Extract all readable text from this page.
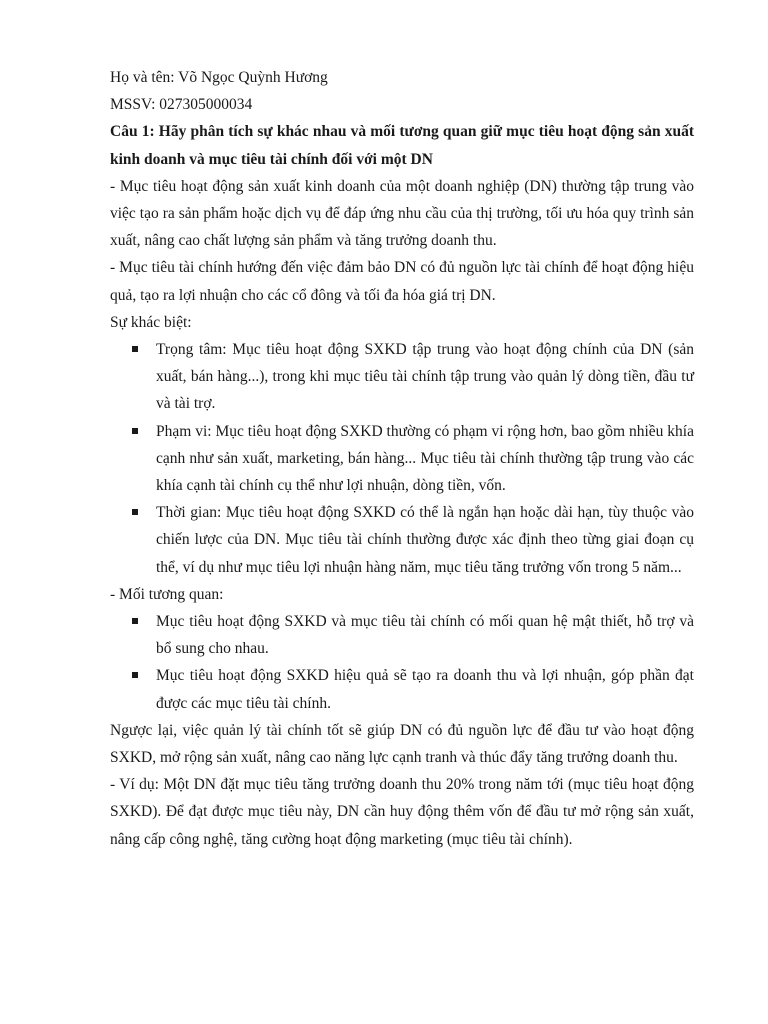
Họ và tên: Võ Ngọc Quỳnh Hương

MSSV: 027305000034

Câu 1: Hãy phân tích sự khác nhau và mối tương quan giữ mục tiêu hoạt động sản xuất kinh doanh và mục tiêu tài chính đối với một DN

- Mục tiêu hoạt động sản xuất kinh doanh của một doanh nghiệp (DN) thường tập trung vào việc tạo ra sản phẩm hoặc dịch vụ để đáp ứng nhu cầu của thị trường, tối ưu hóa quy trình sản xuất, nâng cao chất lượng sản phẩm và tăng trưởng doanh thu.

- Mục tiêu tài chính hướng đến việc đảm bảo DN có đủ nguồn lực tài chính để hoạt động hiệu quả, tạo ra lợi nhuận cho các cổ đông và tối đa hóa giá trị DN.

Sự khác biệt:

Trọng tâm: Mục tiêu hoạt động SXKD tập trung vào hoạt động chính của DN (sản xuất, bán hàng...), trong khi mục tiêu tài chính tập trung vào quản lý dòng tiền, đầu tư và tài trợ.
Phạm vi: Mục tiêu hoạt động SXKD thường có phạm vi rộng hơn, bao gồm nhiều khía cạnh như sản xuất, marketing, bán hàng... Mục tiêu tài chính thường tập trung vào các khía cạnh tài chính cụ thể như lợi nhuận, dòng tiền, vốn.
Thời gian: Mục tiêu hoạt động SXKD có thể là ngắn hạn hoặc dài hạn, tùy thuộc vào chiến lược của DN. Mục tiêu tài chính thường được xác định theo từng giai đoạn cụ thể, ví dụ như mục tiêu lợi nhuận hàng năm, mục tiêu tăng trưởng vốn trong 5 năm...

- Mối tương quan:

Mục tiêu hoạt động SXKD và mục tiêu tài chính có mối quan hệ mật thiết, hỗ trợ và bổ sung cho nhau.
Mục tiêu hoạt động SXKD hiệu quả sẽ tạo ra doanh thu và lợi nhuận, góp phần đạt được các mục tiêu tài chính.

Ngược lại, việc quản lý tài chính tốt sẽ giúp DN có đủ nguồn lực để đầu tư vào hoạt động SXKD, mở rộng sản xuất, nâng cao năng lực cạnh tranh và thúc đẩy tăng trưởng doanh thu.

- Ví dụ: Một DN đặt mục tiêu tăng trưởng doanh thu 20% trong năm tới (mục tiêu hoạt động SXKD). Để đạt được mục tiêu này, DN cần huy động thêm vốn để đầu tư mở rộng sản xuất, nâng cấp công nghệ, tăng cường hoạt động marketing (mục tiêu tài chính).
